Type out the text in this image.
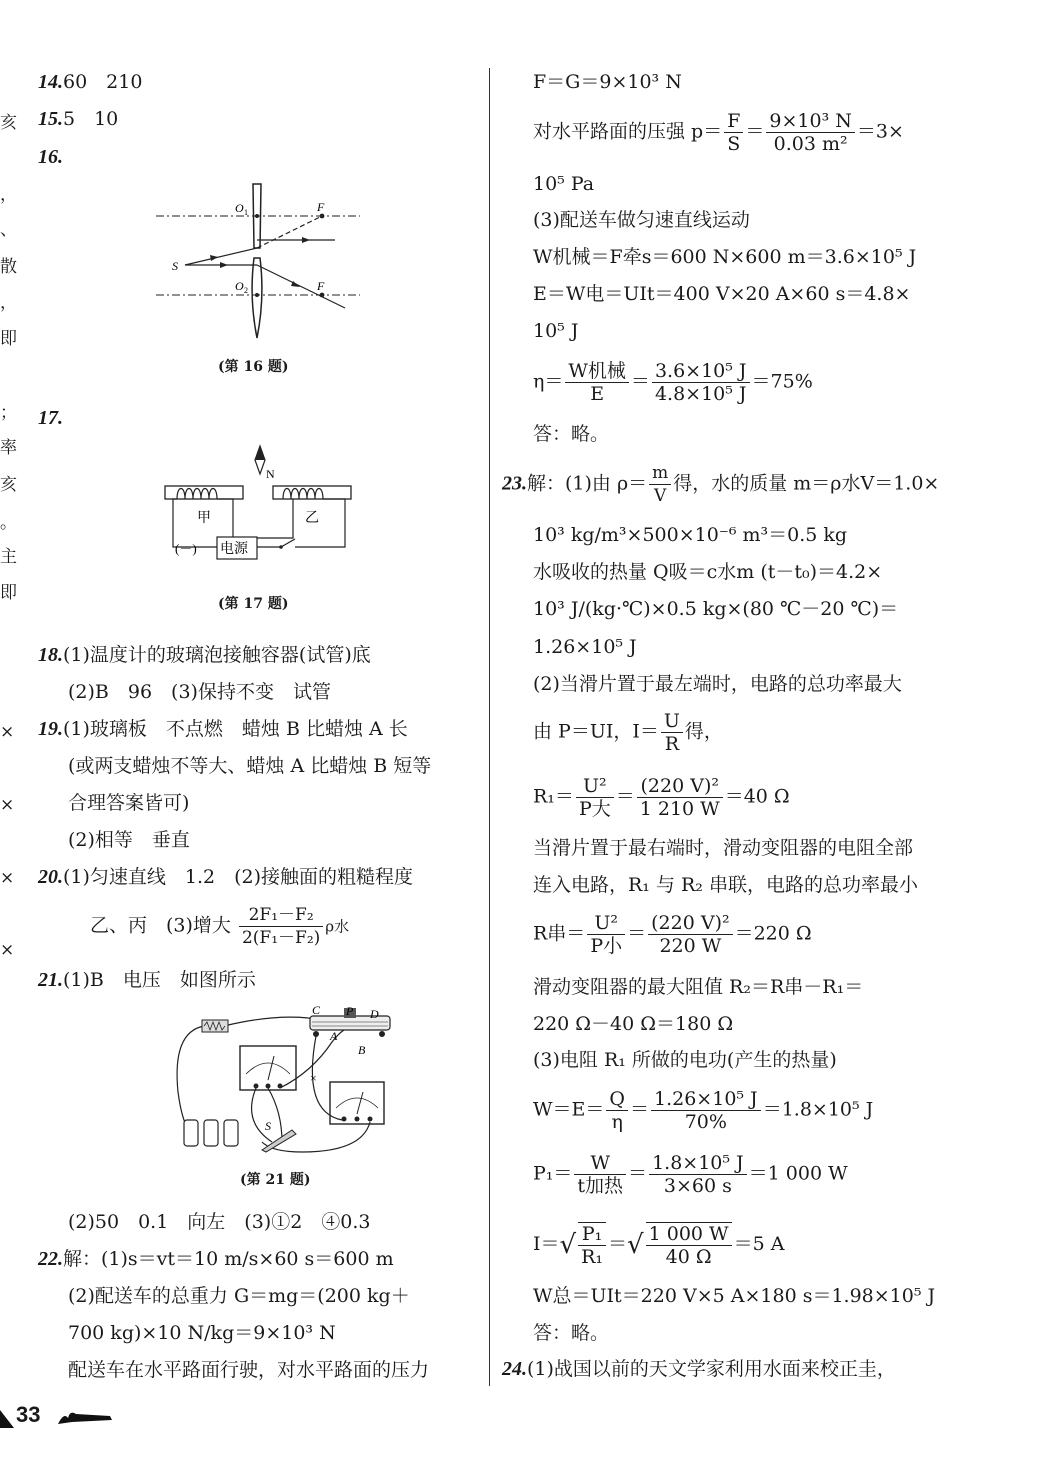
亥
，
、
散
，
即
；
率
亥
。
主
即
×
×
×
×
14.60　210
15.5　10
16.
O 1
O 2
F
F
S
(第 16 题)
17.
N
甲	乙
(－) 电源
(第 17 题)
18.(1)温度计的玻璃泡接触容器(试管)底
(2)B　96　(3)保持不变　试管
19.(1)玻璃板　不点燃　蜡烛 B 比蜡烛 A 长
(或两支蜡烛不等大、蜡烛 A 比蜡烛 B 短等
合理答案皆可)
(2)相等　垂直
20.(1)匀速直线　1.2　(2)接触面的粗糙程度
乙、丙　(3)增大 $\frac{\text{2F₁－F₂}}{\text{2(F₁－F₂)}}$ ρ水
21.(1)B　电压　如图所示
×
C P D
A
B
S
(第 21 题)
(2)50　0.1　向左　(3)①2　④0.3
22.解：(1)s＝vt＝10 m/s×60 s＝600 m
(2)配送车的总重力 G＝mg＝(200 kg＋
700 kg)×10 N/kg＝9×10³ N
配送车在水平路面行驶，对水平路面的压力
33
F＝G＝9×10³ N
对水平路面的压强 $p= \frac{F}{S} = \frac{\text{9×10³ N}}{\text{0.03 m²}} =3\times$
10⁵ Pa
(3)配送车做匀速直线运动
W机械＝F牵s＝600 N×600 m＝3.6×10⁵ J
E＝W电＝UIt＝400 V×20 A×60 s＝4.8×
10⁵ J
$\eta= \frac{\text{W机械}}{E} = \frac{\text{3.6×10⁵ J}}{\text{4.8×10⁵ J}} =75\%$
答：略。
23.解：(1)由 $\rho= \frac{m}{V}$ 得，水的质量 m＝ρ水V＝1.0×
10³ kg/m³×500×10⁻⁶ m³＝0.5 kg
水吸收的热量 Q吸＝c水m (t－t₀)＝4.2×
10³ J/(kg·℃)×0.5 kg×(80 ℃－20 ℃)＝
1.26×10⁵ J
(2)当滑片置于最左端时，电路的总功率最大
由 P＝UI，$I= \frac{U}{R}$ 得，
$R_1= \frac{\text{U²}}{\text{P大}} = \frac{\text{(220 V)²}}{1 210 W} =40$ Ω
当滑片置于最右端时，滑动变阻器的电阻全部
连入电路，R₁ 与 R₂ 串联，电路的总功率最小
R串＝ $\frac{\text{U²}}{\text{P小}} = \frac{\text{(220 V)²}}{220 W} =220$ Ω
滑动变阻器的最大阻值 R₂＝R串－R₁＝
220 Ω－40 Ω＝180 Ω
(3)电阻 R₁ 所做的电功(产生的热量)
$W=E= \frac{Q}{\eta} = \frac{\text{1.26×10⁵ J}}{70\%} =1.8\times 10^5$ J
$P_1= \frac{W}{\text{t加热}} = \frac{\text{1.8×10⁵ J}}{3\times 60 s} =1$ 000 W
$I=√ \frac{\text{P₁}}{\text{R₁}}$ ＝√ $\frac{1 000 W}{40 \Omega} =5$ A
W总＝UIt＝220 V×5 A×180 s＝1.98×10⁵ J
答：略。
24.(1)战国以前的天文学家利用水面来校正圭，
